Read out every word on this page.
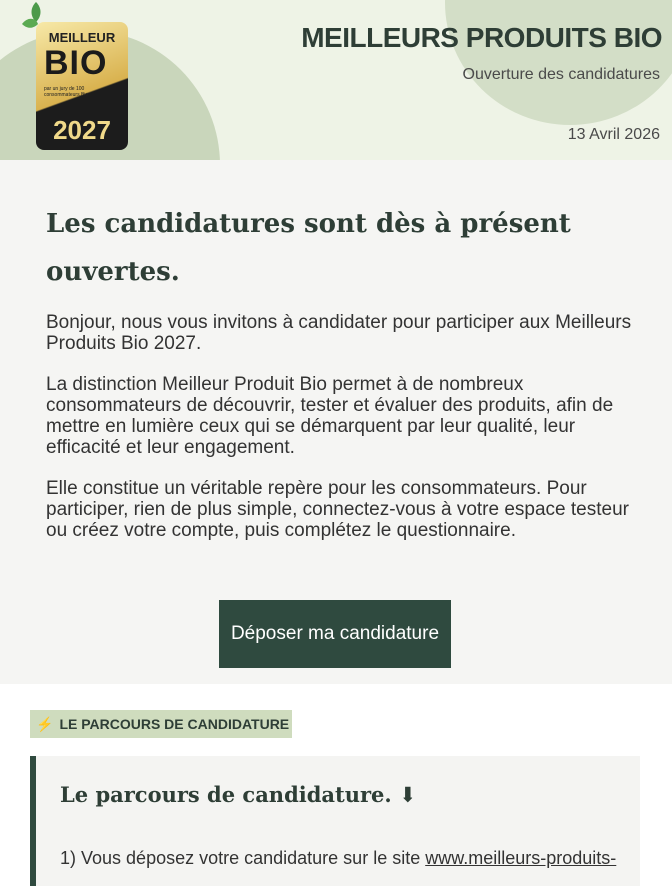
MEILLEUR
BIO
par un jury de 100 consommateurs Bio
2027
MEILLEURS PRODUITS BIO
Ouverture des candidatures
13 Avril 2026
Les candidatures sont dès à présent ouvertes.

Bonjour, nous vous invitons à candidater pour participer aux Meilleurs Produits Bio 2027.

La distinction Meilleur Produit Bio permet à de nombreux consommateurs de découvrir, tester et évaluer des produits, afin de mettre en lumière ceux qui se démarquent par leur qualité, leur efficacité et leur engagement.

Elle constitue un véritable repère pour les consommateurs. Pour participer, rien de plus simple, connectez-vous à votre espace testeur ou créez votre compte, puis complétez le questionnaire.

Déposer ma candidature
⚡ LE PARCOURS DE CANDIDATURE
Le parcours de candidature. ⬇
1) Vous déposez votre candidature sur le site www.meilleurs-produits-
